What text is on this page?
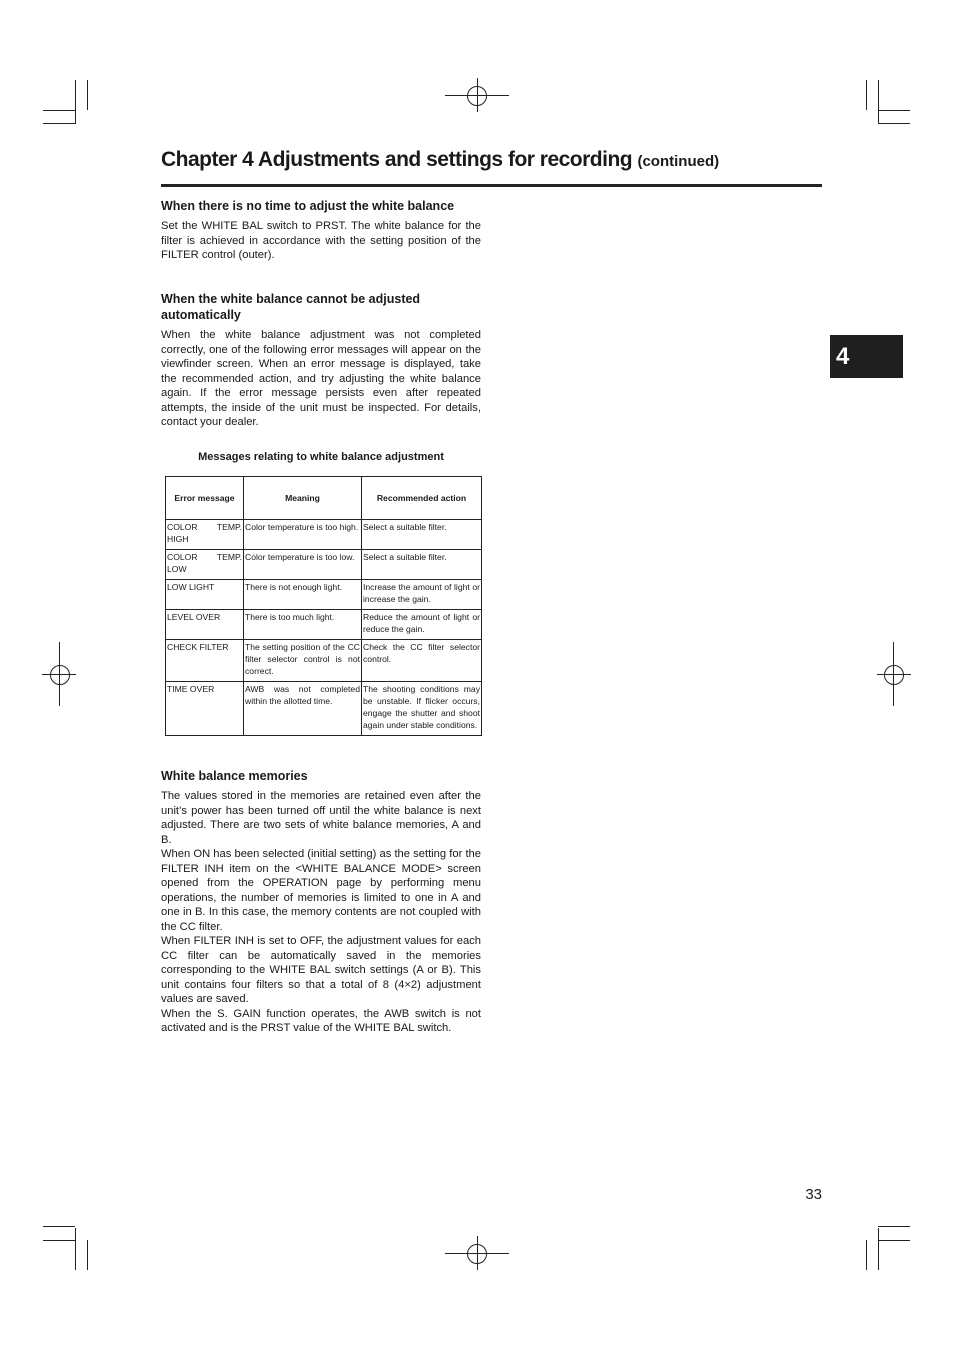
Chapter 4 Adjustments and settings for recording (continued)
When there is no time to adjust the white balance

Set the WHITE BAL switch to PRST. The white balance for the filter is achieved in accordance with the setting position of the FILTER control (outer).

When the white balance cannot be adjusted
automatically

When the white balance adjustment was not completed correctly, one of the following error messages will appear on the viewfinder screen. When an error message is displayed, take the recommended action, and try adjusting the white balance again. If the error message persists even after repeated attempts, the inside of the unit must be inspected. For details, contact your dealer.

Messages relating to white balance adjustment
Error message	Meaning	Recommended action
COLOR TEMP. HIGH	Color temperature is too high.	Select a suitable filter.
COLOR TEMP. LOW	Color temperature is too low.	Select a suitable filter.
LOW LIGHT	There is not enough light.	Increase the amount of light or increase the gain.
LEVEL OVER	There is too much light.	Reduce the amount of light or reduce the gain.
CHECK FILTER	The setting position of the CC filter selector control is not correct.	Check the CC filter selector control.
TIME OVER	AWB was not completed within the allotted time.	The shooting conditions may be unstable. If flicker occurs, engage the shutter and shoot again under stable conditions.
White balance memories

The values stored in the memories are retained even after the unit’s power has been turned off until the white balance is next adjusted. There are two sets of white balance memories, A and B.

When ON has been selected (initial setting) as the setting for the FILTER INH item on the <WHITE BALANCE MODE> screen opened from the OPERATION page by performing menu operations, the number of memories is limited to one in A and one in B. In this case, the memory contents are not coupled with the CC filter.

When FILTER INH is set to OFF, the adjustment values for each CC filter can be automatically saved in the memories corresponding to the WHITE BAL switch settings (A or B). This unit contains four filters so that a total of 8 (4×2) adjustment values are saved.

When the S. GAIN function operates, the AWB switch is not activated and is the PRST value of the WHITE BAL switch.

4
33
